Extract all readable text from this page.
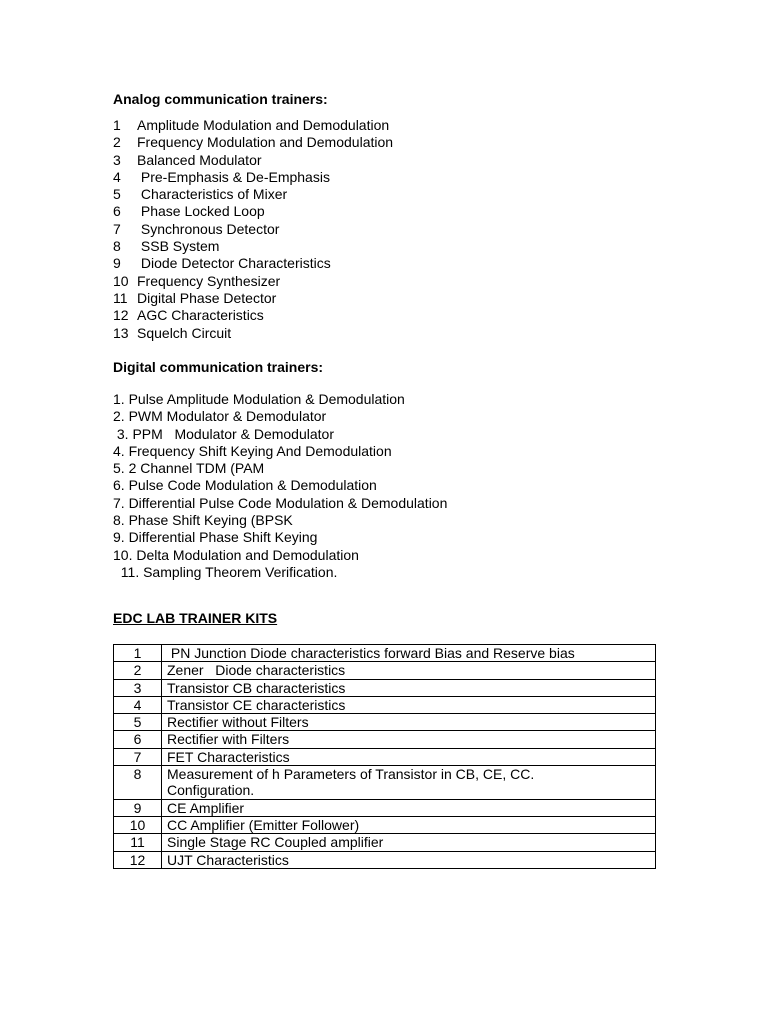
Analog communication trainers:
1 Amplitude Modulation and Demodulation
2 Frequency Modulation and Demodulation
3 Balanced Modulator
4 Pre-Emphasis & De-Emphasis
5 Characteristics of Mixer
6 Phase Locked Loop
7 Synchronous Detector
8 SSB System
9 Diode Detector Characteristics
10 Frequency Synthesizer
11 Digital Phase Detector
12 AGC Characteristics
13 Squelch Circuit
Digital communication trainers:
1. Pulse Amplitude Modulation & Demodulation
2. PWM Modulator & Demodulator
3. PPM   Modulator & Demodulator
4. Frequency Shift Keying And Demodulation
5. 2 Channel TDM (PAM
6. Pulse Code Modulation & Demodulation
7. Differential Pulse Code Modulation & Demodulation
8. Phase Shift Keying (BPSK
9. Differential Phase Shift Keying
10. Delta Modulation and Demodulation
11. Sampling Theorem Verification.
EDC LAB TRAINER KITS
1	PN Junction Diode characteristics forward Bias and Reserve bias
2	Zener   Diode characteristics
3	Transistor CB characteristics
4	Transistor CE characteristics
5	Rectifier without Filters
6	Rectifier with Filters
7	FET Characteristics
8	Measurement of h Parameters of Transistor in CB, CE, CC.
Configuration.

9	CE Amplifier
10	CC Amplifier (Emitter Follower)
11	Single Stage RC Coupled amplifier
12	UJT Characteristics
